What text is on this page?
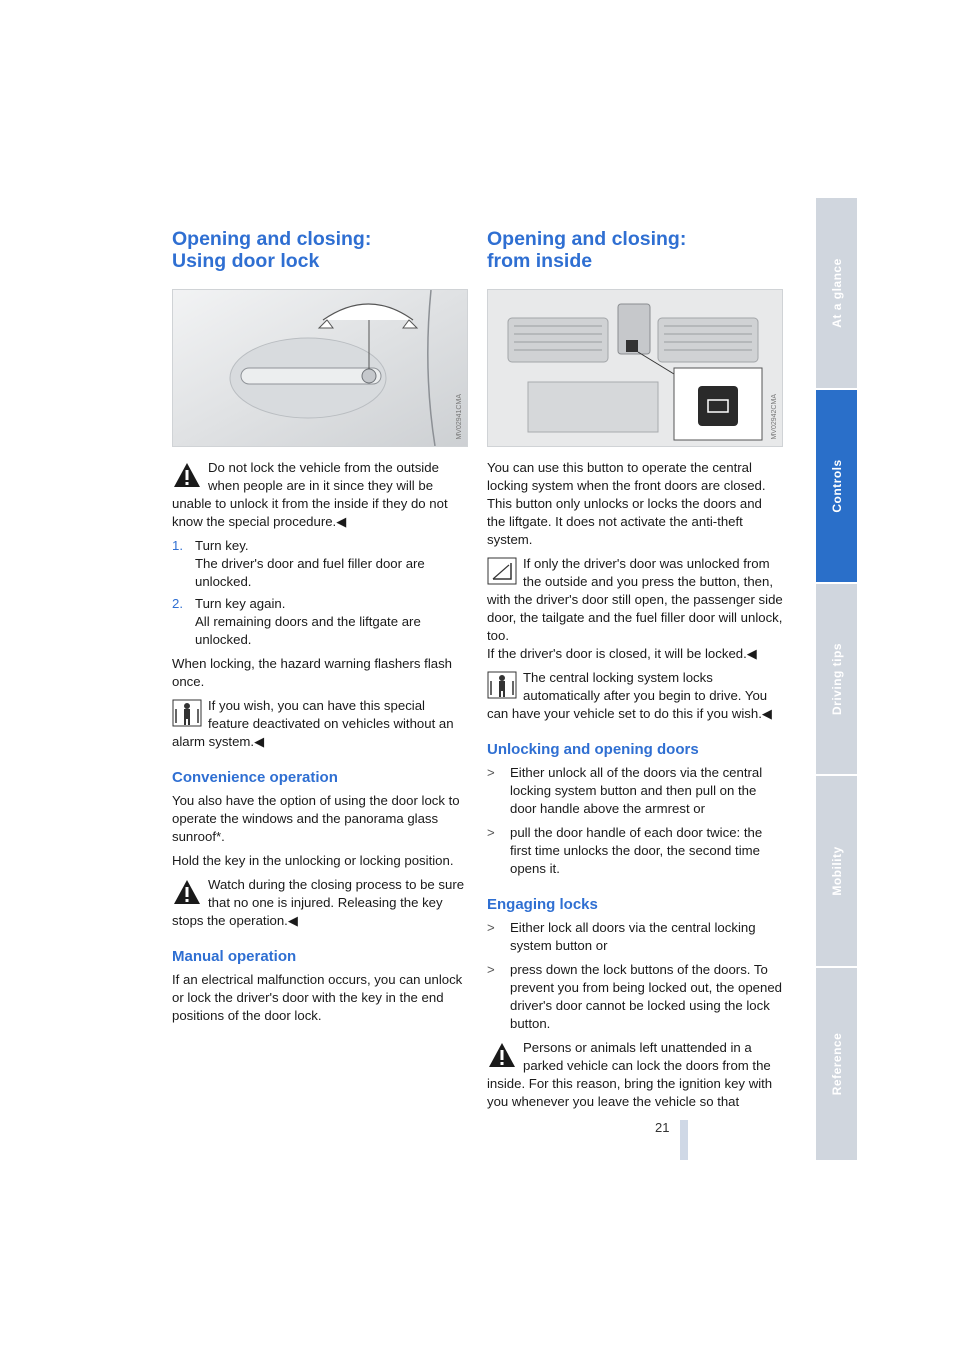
Opening and closing:
Using door lock
MV02941CMA

Do not lock the vehicle from the outside when people are in it since they will be unable to unlock it from the inside if they do not know the special procedure.◀

1. Turn key.
The driver's door and fuel filler door are unlocked.
2. Turn key again.
All remaining doors and the liftgate are unlocked.

When locking, the hazard warning flashers flash once.

If you wish, you can have this special feature deactivated on vehicles without an alarm system.◀

Convenience operation

You also have the option of using the door lock to operate the windows and the panorama glass sunroof*.

Hold the key in the unlocking or locking position.

Watch during the closing process to be sure that no one is injured. Releasing the key stops the operation.◀

Manual operation

If an electrical malfunction occurs, you can unlock or lock the driver's door with the key in the end positions of the door lock.

Opening and closing:
from inside
MV02942CMA

You can use this button to operate the central locking system when the front doors are closed. This button only unlocks or locks the doors and the liftgate. It does not activate the anti-theft system.

If only the driver's door was unlocked from the outside and you press the button, then, with the driver's door still open, the passenger side door, the tailgate and the fuel filler door will unlock, too.

If the driver's door is closed, it will be locked.◀

The central locking system locks automatically after you begin to drive. You can have your vehicle set to do this if you wish.◀

Unlocking and opening doors
> Either unlock all of the doors via the central locking system button and then pull on the door handle above the armrest or
> pull the door handle of each door twice: the first time unlocks the door, the second time opens it.
Engaging locks
> Either lock all doors via the central locking system button or
> press down the lock buttons of the doors. To prevent you from being locked out, the opened driver's door cannot be locked using the lock button.

Persons or animals left unattended in a parked vehicle can lock the doors from the inside. For this reason, bring the ignition key with you whenever you leave the vehicle so that

At a glance
Controls
Driving tips
Mobility
Reference
21
